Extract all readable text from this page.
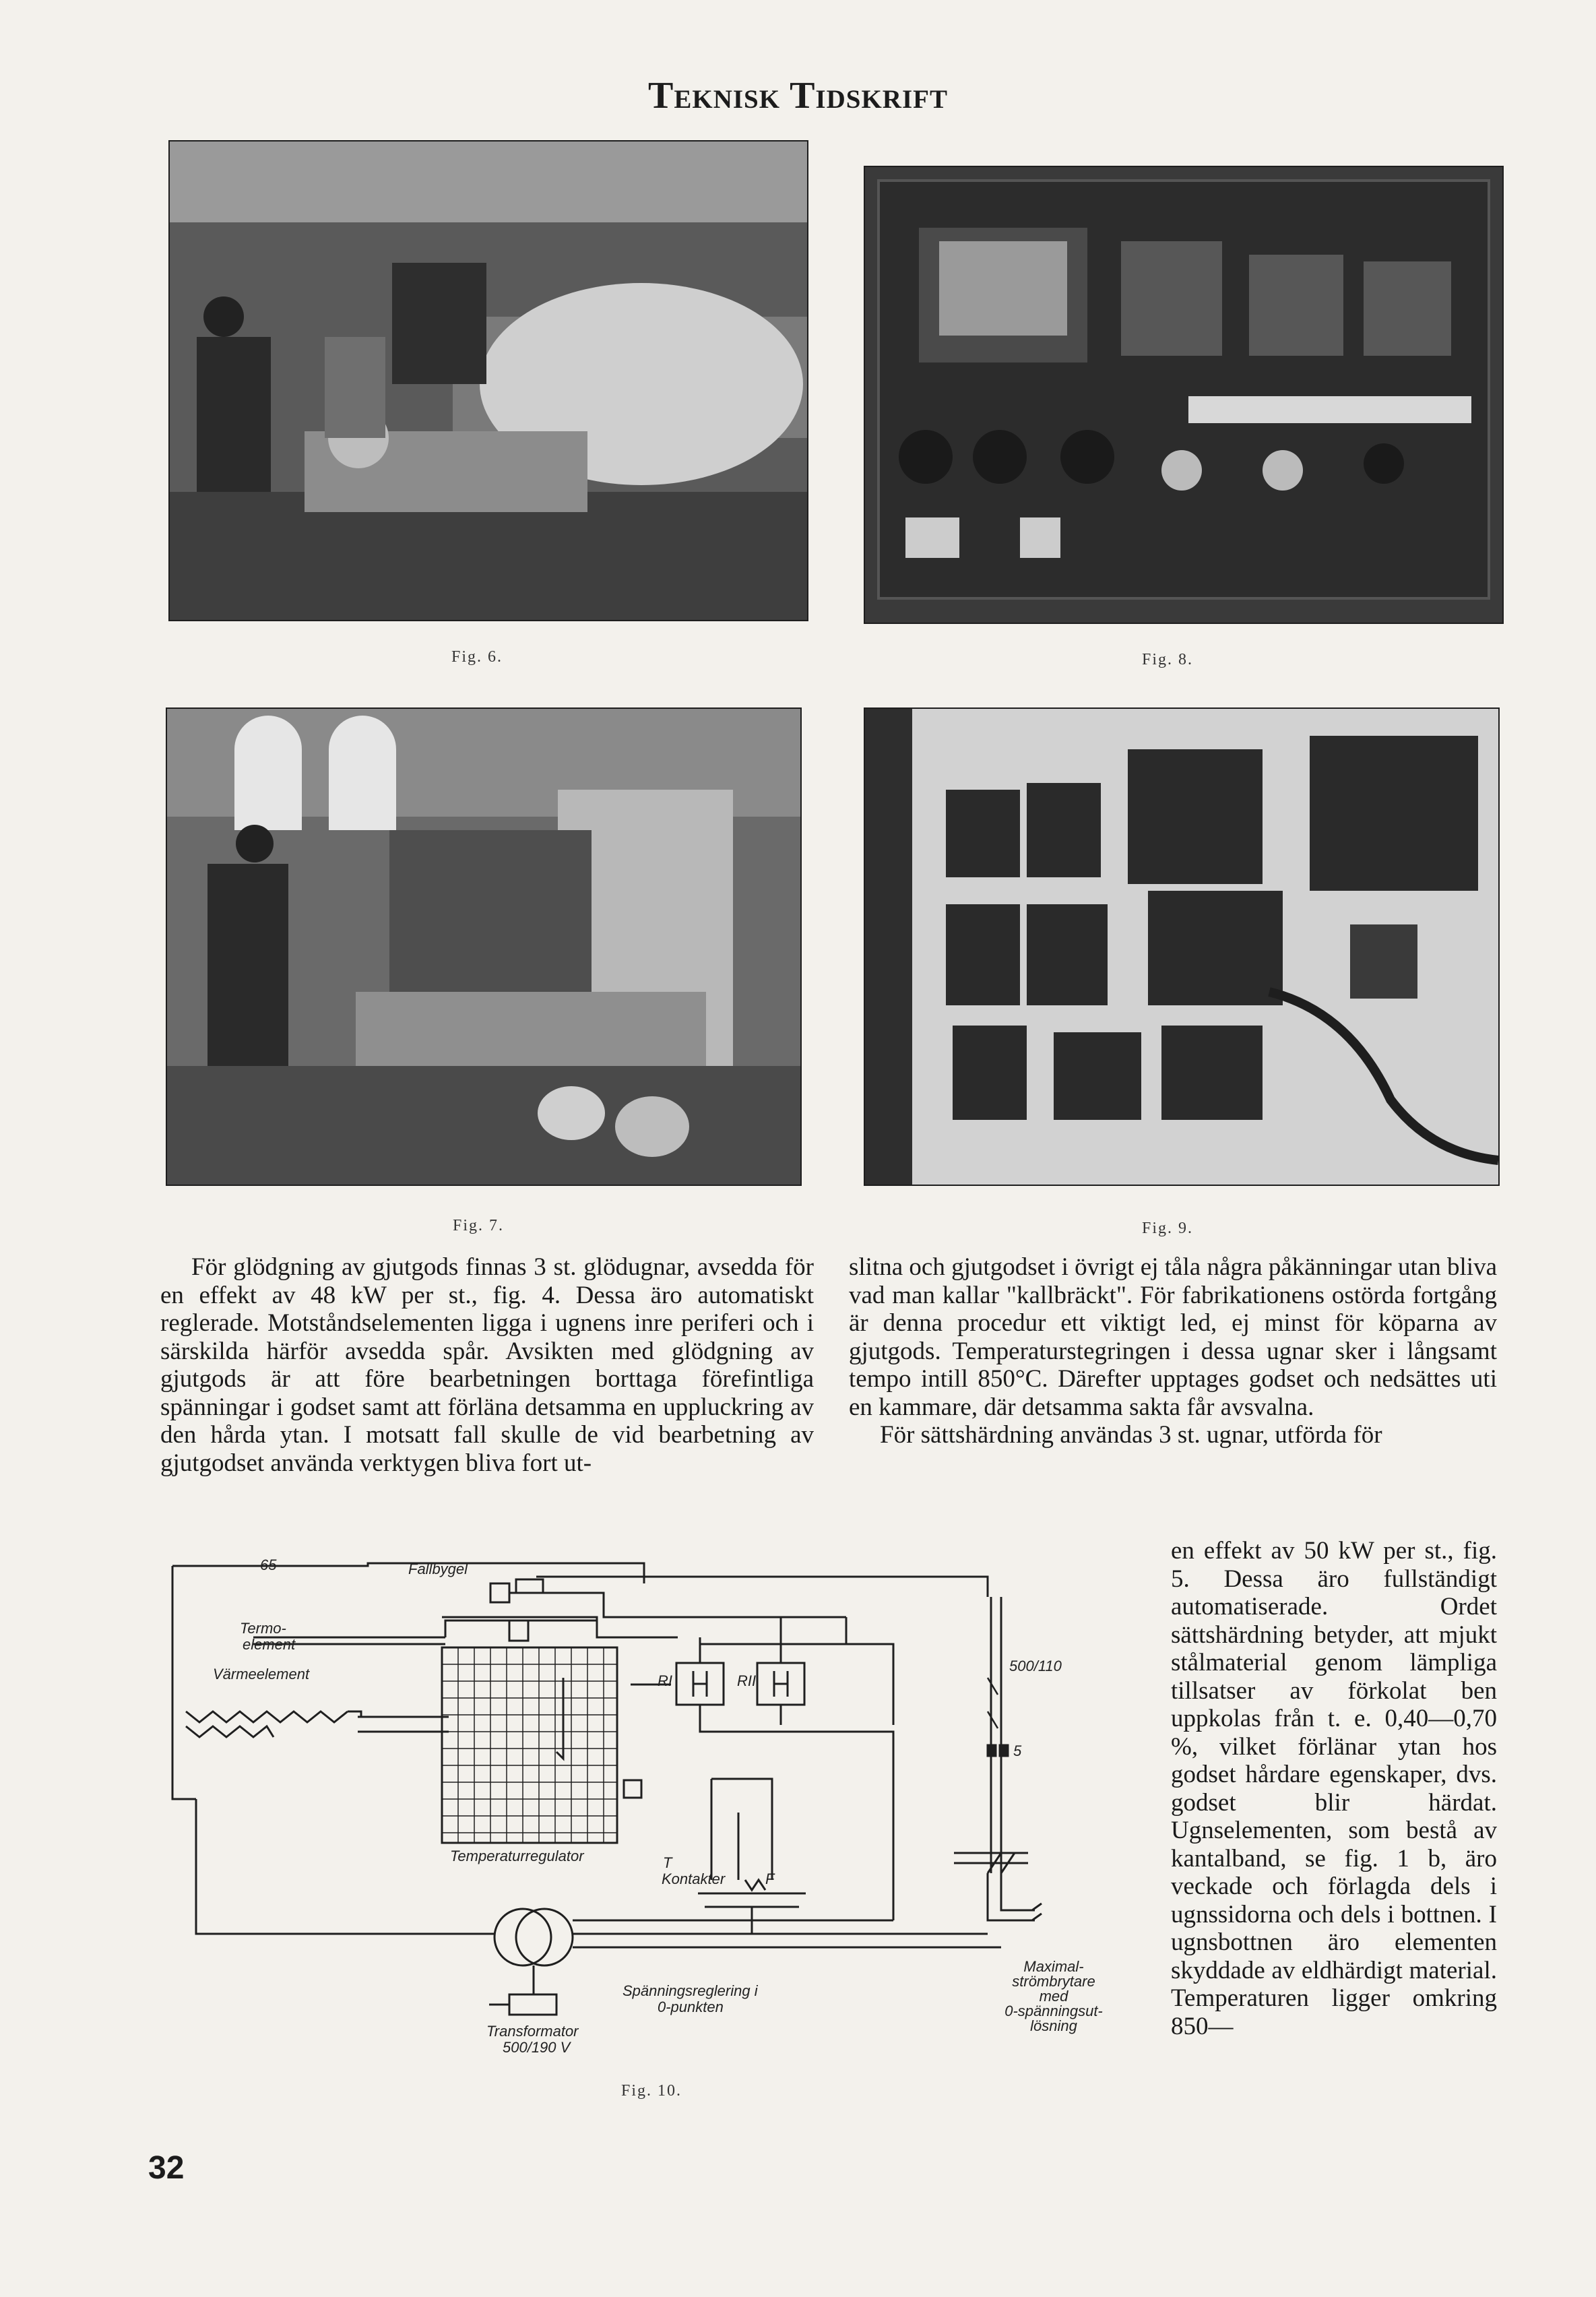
Teknisk Tidskrift
Fig. 6.	Fig. 8.
Fig. 7.	Fig. 9.

För glödgning av gjutgods finnas 3 st. glödugnar, avsedda för en effekt av 48 kW per st., fig. 4. Dessa äro automatiskt reglerade. Motståndselementen ligga i ugnens inre periferi och i särskilda härför avsedda spår. Avsikten med glödgning av gjutgods är att före bearbetningen borttaga förefintliga spänningar i godset samt att förläna detsamma en uppluckring av den hårda ytan. I motsatt fall skulle de vid bearbetning av gjutgodset använda verktygen bliva fort ut-

slitna och gjutgodset i övrigt ej tåla några påkänningar utan bliva vad man kallar "kallbräckt". För fabrikationens ostörda fortgång är denna procedur ett viktigt led, ej minst för köparna av gjutgods. Temperaturstegringen i dessa ugnar sker i långsamt tempo intill 850°C. Därefter upptages godset och nedsättes uti en kammare, där detsamma sakta får avsvalna.

För sättshärdning användas 3 st. ugnar, utförda för

en effekt av 50 kW per st., fig. 5. Dessa äro fullständigt automatiserade. Ordet sättshärdning betyder, att mjukt stålmaterial genom lämpliga tillsatser av förkolat ben uppkolas från t. e. 0,40—0,70 %, vilket förlänar ytan hos godset hårdare egenskaper, dvs. godset blir härdat. Ugnselementen, som bestå av kantalband, se fig. 1 b, äro veckade och förlagda dels i ugnssidorna och dels i bottnen. I ugnsbottnen äro elementen skyddade av eldhärdigt material. Temperaturen ligger omkring 850—

65	Fallbygel
Termo-
element
Värmeelement
Temperaturregulator
RI	RII
500/110
5
Kontakter
T
F
Spänningsreglering i
0-punkten
Transformator
500/190 V
Maximal-
strömbrytare
med
0-spänningsut-
lösning
Fig. 10.
32
